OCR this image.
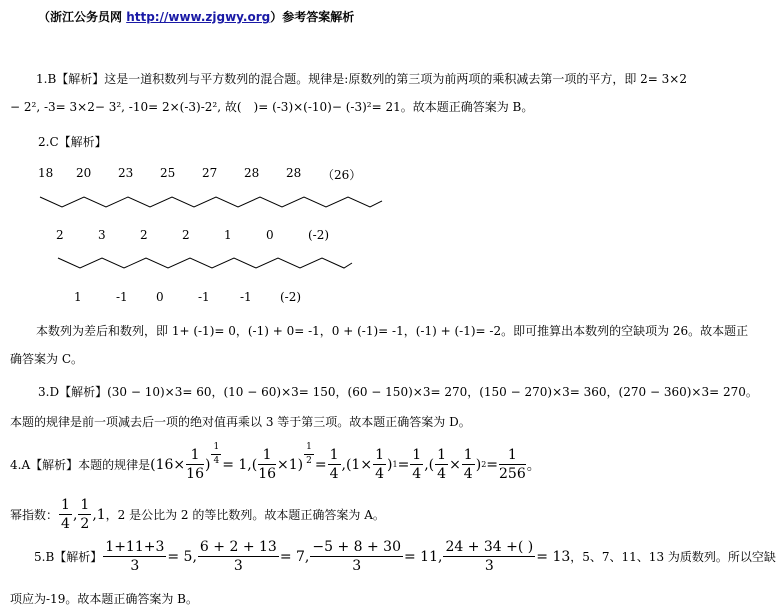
（浙江公务员网 http://www.zjgwy.org）参考答案解析
1.B【解析】这是一道积数列与平方数列的混合题。规律是:原数列的第三项为前两项的乘积减去第一项的平方，即 2= 3×2
− 2², -3= 3×2− 3², -10= 2×(-3)-2², 故(　)= (-3)×(-10)− (-3)²= 21。故本题正确答案为 B。
2.C【解析】
18 20 23 25 27 28 28 （26）
2	3	2	2	1	0	(-2)
1	-1 0	-1	-1 (-2)
本数列为差后和数列，即 1+ (-1)= 0，(-1) + 0= -1，0 + (-1)= -1，(-1) + (-1)= -2。即可推算出本数列的空缺项为 26。故本题正
确答案为 C。
3.D【解析】(30 − 10)×3= 60，(10 − 60)×3= 150，(60 − 150)×3= 270，(150 − 270)×3= 360，(270 − 360)×3= 270。
本题的规律是前一项减去后一项的绝对值再乘以 3 等于第三项。故本题正确答案为 D。
4.A【解析】 本题的规律是 ($16\times \frac{1}{16}$ ) $^{\frac{1}{4}} = 1,( \frac{1}{16} \times 1)$ $^{\frac{1}{2}} = \frac{1}{4} ,(1\times \frac{1}{4}$ ) $1 = \frac{1}{4}$ ,( $\frac{1}{4} \times \frac{1}{4}$ ) $2 = \frac{1}{256}$ 。
幂指数： $\frac{1}{4}$ , $\frac{1}{2} ,1$ ，2 是公比为 2 的等比数列。故本题正确答案为 A。
5.B【解析】 $\frac{1+11+3}{3} = 5$, $\frac{6 + 2 + 13}{3} = 7$, $\frac{-5 + 8 + 30}{3} = 11$, $\frac{24 + 34 +( )}{3} = 13$ ，5、7、11、13 为质数列。所以空缺
项应为-19。故本题正确答案为 B。
